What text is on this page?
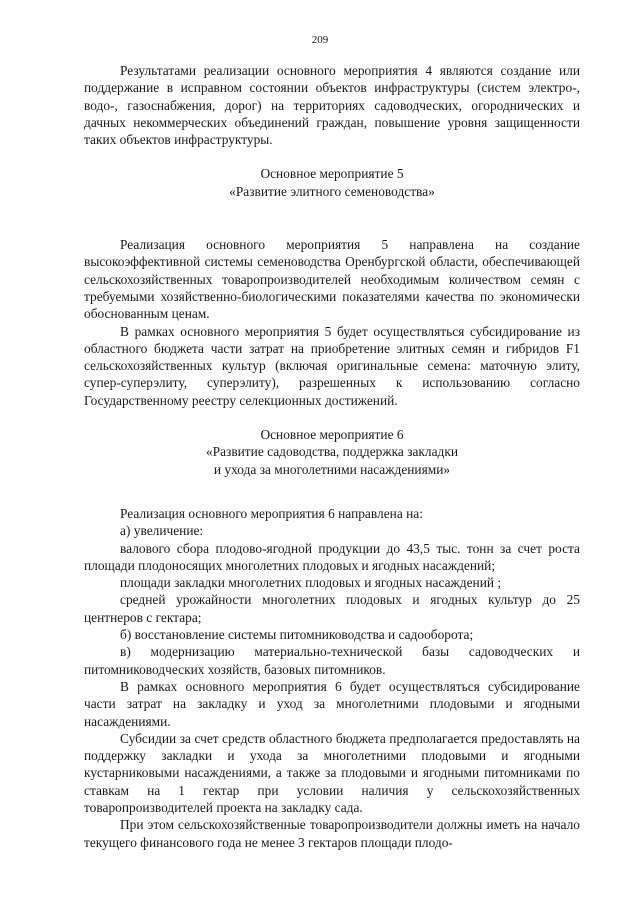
209

Результатами реализации основного мероприятия 4 являются создание или поддержание в исправном состоянии объектов инфраструктуры (систем электро-, водо-, газоснабжения, дорог) на территориях садоводческих, огороднических и дачных некоммерческих объединений граждан, повышение уровня защищенности таких объектов инфраструктуры.

Основное мероприятие 5

«Развитие элитного семеноводства»

Реализация основного мероприятия 5 направлена на создание высокоэффективной системы семеноводства Оренбургской области, обеспечивающей сельскохозяйственных товаропроизводителей необходимым количеством семян с требуемыми хозяйственно-биологическими показателями качества по экономически обоснованным ценам.

В рамках основного мероприятия 5 будет осуществляться субсидирование из областного бюджета части затрат на приобретение элитных семян и гибридов F1 сельскохозяйственных культур (включая оригинальные семена: маточную элиту, супер-суперэлиту, суперэлиту), разрешенных к использованию согласно Государственному реестру селекционных достижений.

Основное мероприятие 6

«Развитие садоводства, поддержка закладки

и ухода за многолетними насаждениями»

Реализация основного мероприятия 6 направлена на:

а) увеличение:

валового сбора плодово-ягодной продукции до 43,5 тыс. тонн за счет роста площади плодоносящих многолетних плодовых и ягодных насаждений;

площади закладки многолетних плодовых и ягодных насаждений ;

средней урожайности многолетних плодовых и ягодных культур до 25 центнеров с гектара;

б) восстановление системы питомниководства и садооборота;

в) модернизацию материально-технической базы садоводческих и питомниководческих хозяйств, базовых питомников.

В рамках основного мероприятия 6 будет осуществляться субсидирование части затрат на закладку и уход за многолетними плодовыми и ягодными насаждениями.

Субсидии за счет средств областного бюджета предполагается предоставлять на поддержку закладки и ухода за многолетними плодовыми и ягодными кустарниковыми насаждениями, а также за плодовыми и ягодными питомниками по ставкам на 1 гектар при условии наличия у сельскохозяйственных товаропроизводителей проекта на закладку сада.

При этом сельскохозяйственные товаропроизводители должны иметь на начало текущего финансового года не менее 3 гектаров площади плодо-
